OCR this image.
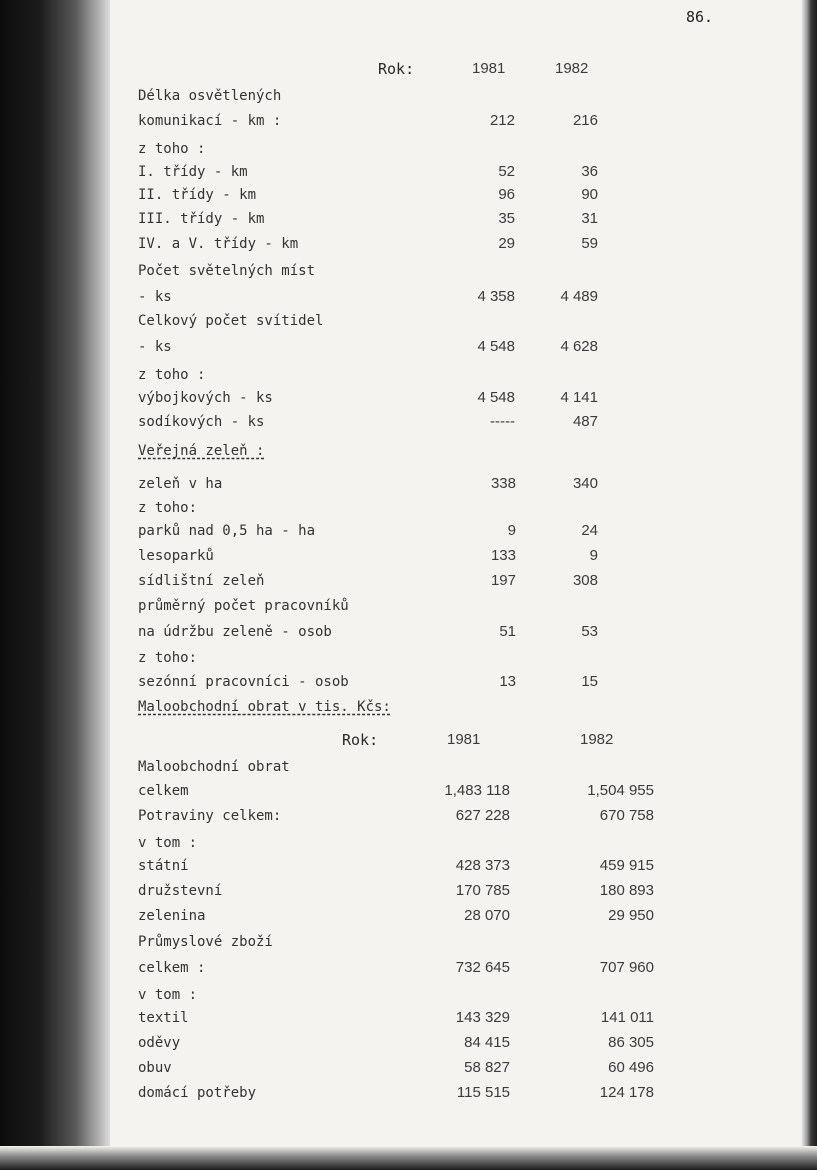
86.
Rok:	1981	1982
Délka osvětlených
komunikací - km :	212	216
z toho :
I. třídy - km	52	36
II. třídy - km	96	90
III. třídy - km	35	31
IV. a V. třídy - km	29	59
Počet světelných míst
- ks	4 358	4 489
Celkový počet svítidel
- ks	4 548	4 628
z toho :
výbojkových - ks	4 548	4 141
sodíkových - ks	-----	487
Veřejná zeleň :
zeleň v ha	338	340
z toho:
parků nad 0,5 ha - ha	9	24
lesoparků	133	9
sídlištní zeleň	197	308
průměrný počet pracovníků
na údržbu zeleně - osob	51	53
z toho:
sezónní pracovníci - osob	13	15
Maloobchodní obrat v tis. Kčs:
Rok:	1981	1982
Maloobchodní obrat
celkem	1,483 118	1,504 955
Potraviny celkem:	627 228	670 758
v tom :
státní	428 373	459 915
družstevní	170 785	180 893
zelenina	28 070	29 950
Průmyslové zboží
celkem :	732 645	707 960
v tom :
textil	143 329	141 011
oděvy	84 415	86 305
obuv	58 827	60 496
domácí potřeby	115 515	124 178
